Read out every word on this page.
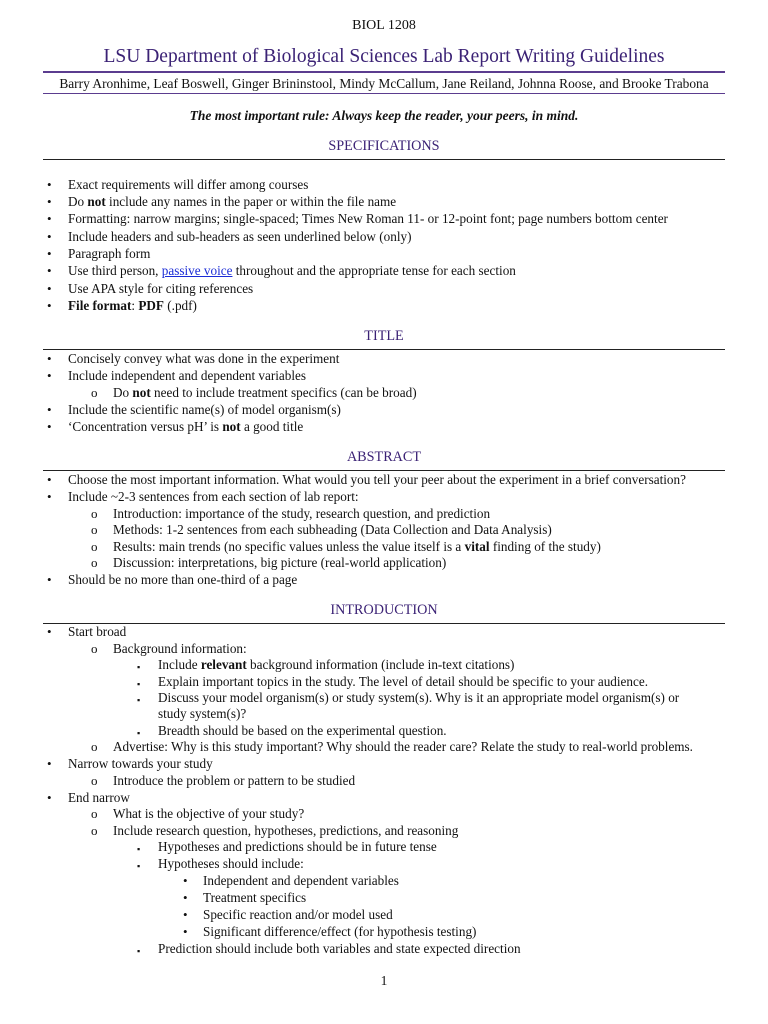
BIOL 1208
LSU Department of Biological Sciences Lab Report Writing Guidelines
Barry Aronhime, Leaf Boswell, Ginger Brininstool, Mindy McCallum, Jane Reiland, Johnna Roose, and Brooke Trabona
The most important rule: Always keep the reader, your peers, in mind.
SPECIFICATIONS
• Exact requirements will differ among courses
• Do not include any names in the paper or within the file name
• Formatting: narrow margins; single-spaced; Times New Roman 11- or 12-point font; page numbers bottom center
• Include headers and sub-headers as seen underlined below (only)
• Paragraph form
• Use third person, passive voice throughout and the appropriate tense for each section
• Use APA style for citing references
• File format: PDF (.pdf)
TITLE
• Concisely convey what was done in the experiment
• Include independent and dependent variables
o Do not need to include treatment specifics (can be broad)
• Include the scientific name(s) of model organism(s)
• ‘Concentration versus pH’ is not a good title
ABSTRACT
• Choose the most important information. What would you tell your peer about the experiment in a brief conversation?
• Include ~2-3 sentences from each section of lab report:
o Introduction: importance of the study, research question, and prediction
o Methods: 1-2 sentences from each subheading (Data Collection and Data Analysis)
o Results: main trends (no specific values unless the value itself is a vital finding of the study)
o Discussion: interpretations, big picture (real-world application)
• Should be no more than one-third of a page
INTRODUCTION
• Start broad
o Background information:
▪ Include relevant background information (include in-text citations)
▪ Explain important topics in the study. The level of detail should be specific to your audience.
▪ Discuss your model organism(s) or study system(s). Why is it an appropriate model organism(s) or
study system(s)?
▪ Breadth should be based on the experimental question.
o Advertise: Why is this study important? Why should the reader care? Relate the study to real-world problems.
• Narrow towards your study
o Introduce the problem or pattern to be studied
• End narrow
o What is the objective of your study?
o Include research question, hypotheses, predictions, and reasoning
▪ Hypotheses and predictions should be in future tense
▪ Hypotheses should include:
• Independent and dependent variables
• Treatment specifics
• Specific reaction and/or model used
• Significant difference/effect (for hypothesis testing)
▪ Prediction should include both variables and state expected direction
1
